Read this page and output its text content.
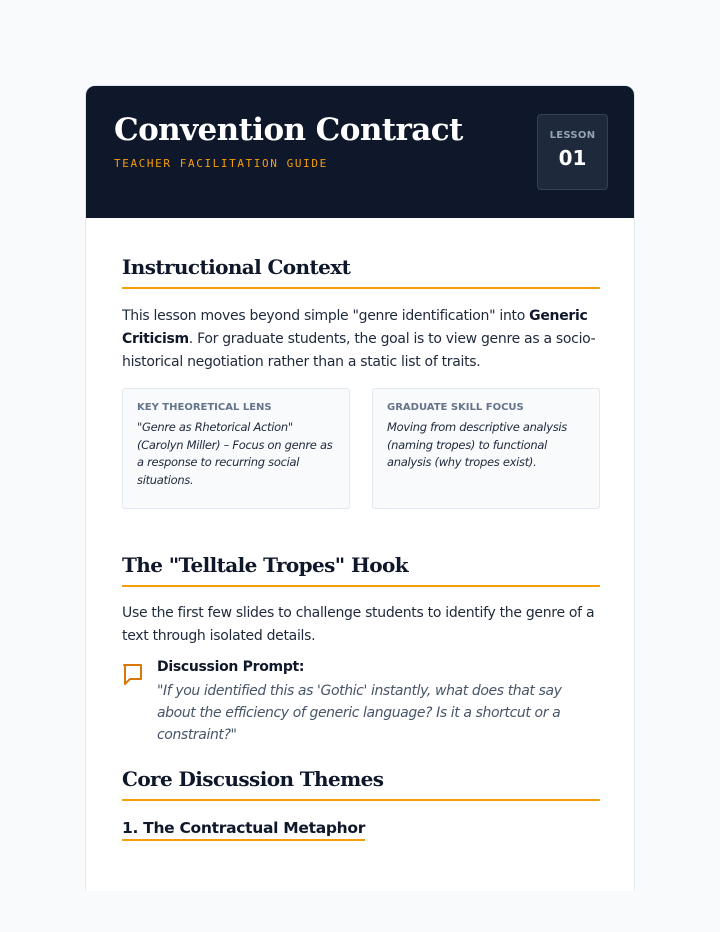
Convention Contract
TEACHER FACILITATION GUIDE
LESSON
01
Instructional Context

This lesson moves beyond simple "genre identification" into Generic Criticism. For graduate students, the goal is to view genre as a socio-historical negotiation rather than a static list of traits.

KEY THEORETICAL LENS
"Genre as Rhetorical Action" (Carolyn Miller) – Focus on genre as a response to recurring social situations.
GRADUATE SKILL FOCUS
Moving from descriptive analysis (naming tropes) to functional analysis (why tropes exist).
The "Telltale Tropes" Hook

Use the first few slides to challenge students to identify the genre of a text through isolated details.

Discussion Prompt:
"If you identified this as 'Gothic' instantly, what does that say about the efficiency of generic language? Is it a shortcut or a constraint?"
Core Discussion Themes
1. The Contractual Metaphor
